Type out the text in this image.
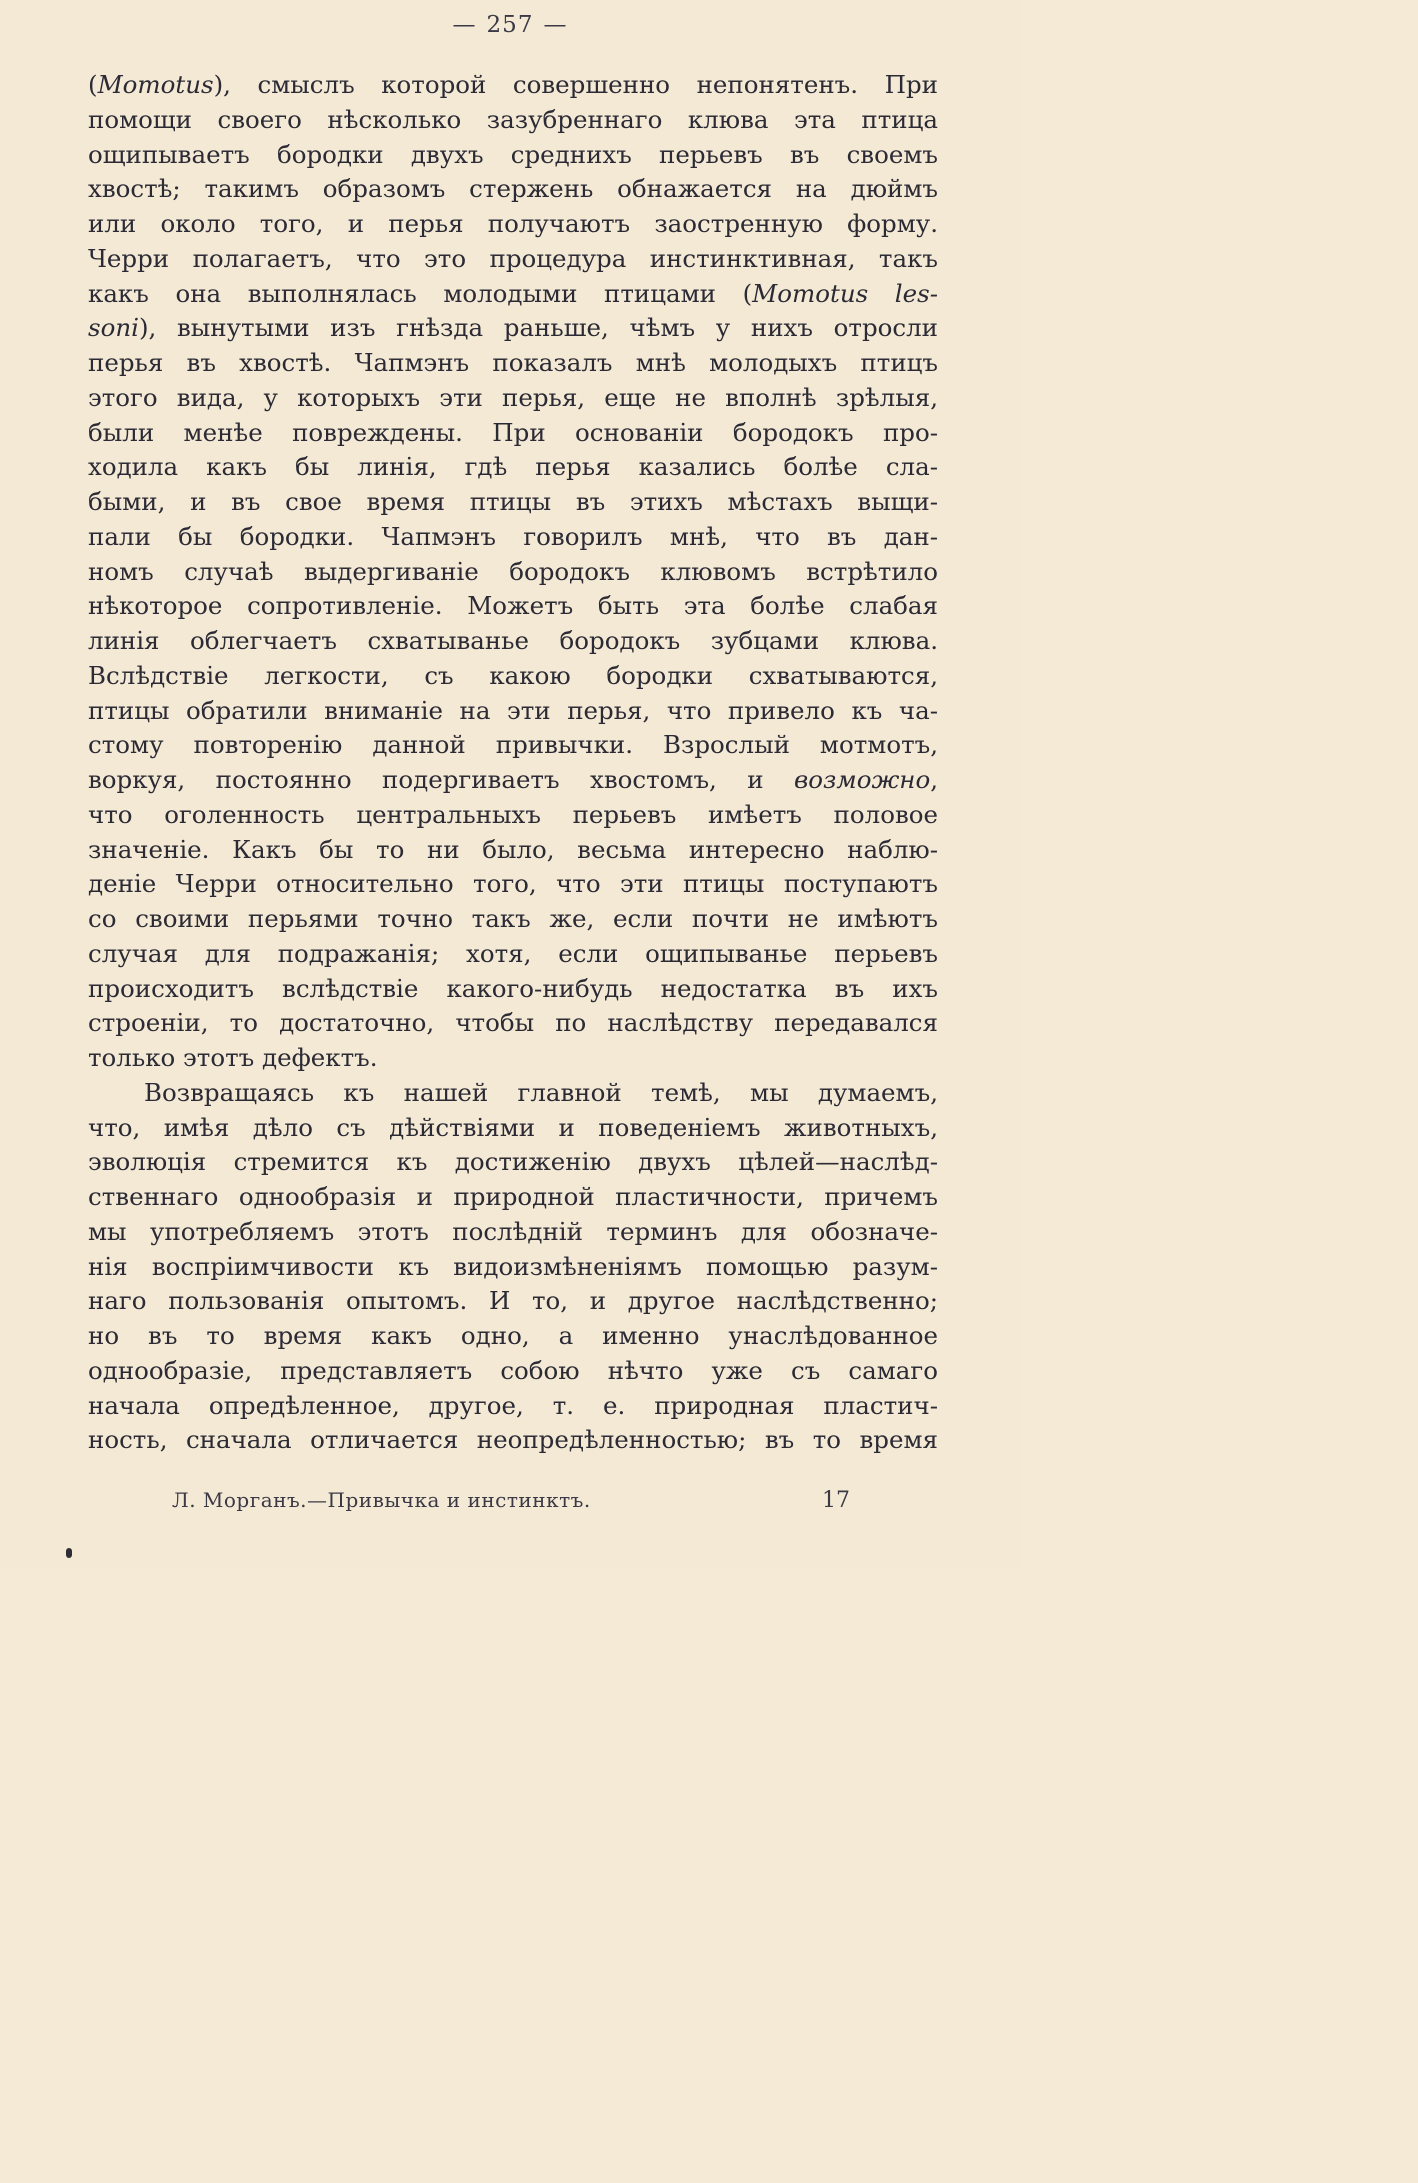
— 257 —
(Momotus), смыслъ которой совершенно непонятенъ. При
помощи своего нѣсколько зазубреннаго клюва эта птица
ощипываетъ бородки двухъ среднихъ перьевъ въ своемъ
хвостѣ; такимъ образомъ стержень обнажается на дюймъ
или около того, и перья получаютъ заостренную форму.
Черри полагаетъ, что это процедура инстинктивная, такъ
какъ она выполнялась молодыми птицами (Momotus les-
soni), вынутыми изъ гнѣзда раньше, чѣмъ у нихъ отросли
перья въ хвостѣ. Чапмэнъ показалъ мнѣ молодыхъ птицъ
этого вида, у которыхъ эти перья, еще не вполнѣ зрѣлыя,
были менѣе повреждены. При основаніи бородокъ про-
ходила какъ бы линія, гдѣ перья казались болѣе сла-
быми, и въ свое время птицы въ этихъ мѣстахъ выщи-
пали бы бородки. Чапмэнъ говорилъ мнѣ, что въ дан-
номъ случаѣ выдергиваніе бородокъ клювомъ встрѣтило
нѣкоторое сопротивленіе. Можетъ быть эта болѣе слабая
линія облегчаетъ схватыванье бородокъ зубцами клюва.
Вслѣдствіе легкости, съ какою бородки схватываются,
птицы обратили вниманіе на эти перья, что привело къ ча-
стому повторенію данной привычки. Взрослый мотмотъ,
воркуя, постоянно подергиваетъ хвостомъ, и возможно,
что оголенность центральныхъ перьевъ имѣетъ половое
значеніе. Какъ бы то ни было, весьма интересно наблю-
деніе Черри относительно того, что эти птицы поступаютъ
со своими перьями точно такъ же, если почти не имѣютъ
случая для подражанія; хотя, если ощипыванье перьевъ
происходитъ вслѣдствіе какого-нибудь недостатка въ ихъ
строеніи, то достаточно, чтобы по наслѣдству передавался
только этотъ дефектъ.
Возвращаясь къ нашей главной темѣ, мы думаемъ,
что, имѣя дѣло съ дѣйствіями и поведеніемъ животныхъ,
эволюція стремится къ достиженію двухъ цѣлей—наслѣд-
ственнаго однообразія и природной пластичности, причемъ
мы употребляемъ этотъ послѣдній терминъ для обозначе-
нія воспріимчивости къ видоизмѣненіямъ помощью разум-
наго пользованія опытомъ. И то, и другое наслѣдственно;
но въ то время какъ одно, а именно унаслѣдованное
однообразіе, представляетъ собою нѣчто уже съ самаго
начала опредѣленное, другое, т. е. природная пластич-
ность, сначала отличается неопредѣленностью; въ то время
Л. Морганъ.—Привычка и инстинктъ.	17
